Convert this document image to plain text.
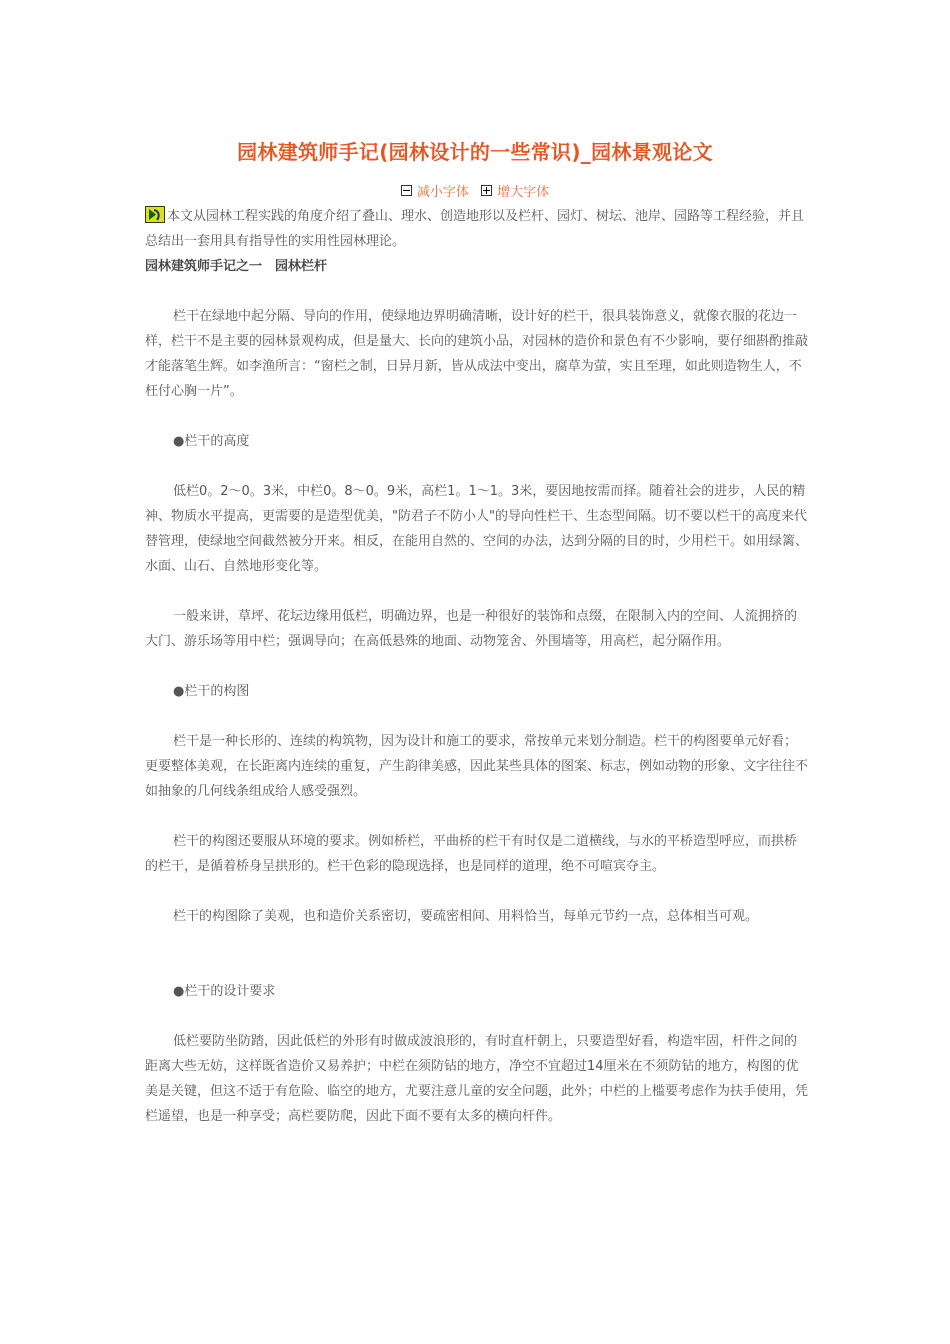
园林建筑师手记(园林设计的一些常识)_园林景观论文
减小字体
增大字体

本文从园林工程实践的角度介绍了叠山、理水、创造地形以及栏杆、园灯、树坛、池岸、园路等工程经验，并且总结出一套用具有指导性的实用性园林理论。

园林建筑师手记之一　园林栏杆

栏干在绿地中起分隔、导向的作用，使绿地边界明确清晰，设计好的栏干，很具装饰意义，就像衣服的花边一样，栏干不是主要的园林景观构成，但是量大、长向的建筑小品，对园林的造价和景色有不少影响，要仔细斟酌推敲才能落笔生辉。如李渔所言：“窗栏之制，日异月新，皆从成法中变出，腐草为萤，实且至理，如此则造物生人，不枉付心胸一片”。

●栏干的高度

低栏0。2～0。3米，中栏0。8～0。9米，高栏1。1～1。3米，要因地按需而择。随着社会的进步，人民的精神、物质水平提高，更需要的是造型优美，"防君子不防小人"的导向性栏干、生态型间隔。切不要以栏干的高度来代替管理，使绿地空间截然被分开来。相反，在能用自然的、空间的办法，达到分隔的目的时，少用栏干。如用绿篱、水面、山石、自然地形变化等。

一般来讲，草坪、花坛边缘用低栏，明确边界，也是一种很好的装饰和点缀，在限制入内的空间、人流拥挤的大门、游乐场等用中栏；强调导向；在高低悬殊的地面、动物笼舍、外围墙等，用高栏，起分隔作用。

●栏干的构图

栏干是一种长形的、连续的构筑物，因为设计和施工的要求，常按单元来划分制造。栏干的构图要单元好看；更要整体美观，在长距离内连续的重复，产生韵律美感，因此某些具体的图案、标志，例如动物的形象、文字往往不如抽象的几何线条组成给人感受强烈。

栏干的构图还要服从环境的要求。例如桥栏，平曲桥的栏干有时仅是二道横线，与水的平桥造型呼应，而拱桥的栏干，是循着桥身呈拱形的。栏干色彩的隐现选择，也是同样的道理，绝不可喧宾夺主。

栏干的构图除了美观，也和造价关系密切，要疏密相间、用料恰当，每单元节约一点，总体相当可观。

●栏干的设计要求

低栏要防坐防踏，因此低栏的外形有时做成波浪形的，有时直杆朝上，只要造型好看，构造牢固，杆件之间的距离大些无妨，这样既省造价又易养护；中栏在须防钻的地方，净空不宜超过14厘米在不须防钻的地方，构图的优美是关键，但这不适于有危险、临空的地方，尤要注意儿童的安全问题，此外；中栏的上槛要考虑作为扶手使用，凭栏遥望，也是一种享受；高栏要防爬，因此下面不要有太多的横向杆件。
